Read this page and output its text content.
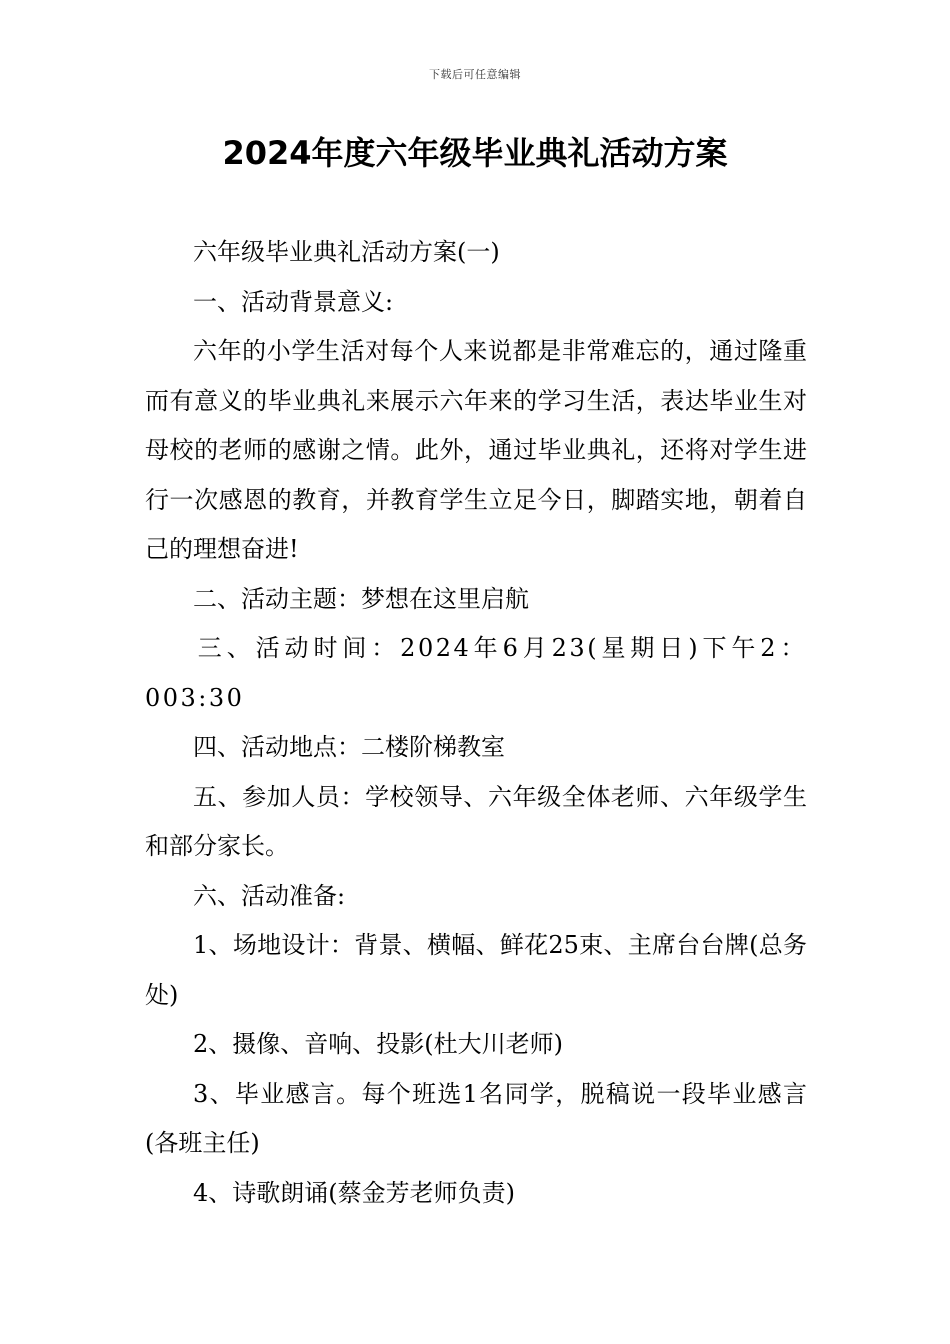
下载后可任意编辑
2024年度六年级毕业典礼活动方案

六年级毕业典礼活动方案(一)

一、活动背景意义:

六年的小学生活对每个人来说都是非常难忘的，通过隆重而有意义的毕业典礼来展示六年来的学习生活，表达毕业生对母校的老师的感谢之情。此外，通过毕业典礼，还将对学生进行一次感恩的教育，并教育学生立足今日，脚踏实地，朝着自己的理想奋进!

二、活动主题：梦想在这里启航

三、活动时间：2024年6月23(星期日)下午2：003:30

四、活动地点：二楼阶梯教室

五、参加人员：学校领导、六年级全体老师、六年级学生和部分家长。

六、活动准备:

1、场地设计：背景、横幅、鲜花25束、主席台台牌(总务处)

2、摄像、音响、投影(杜大川老师)

3、毕业感言。每个班选1名同学，脱稿说一段毕业感言(各班主任)

4、诗歌朗诵(蔡金芳老师负责)
